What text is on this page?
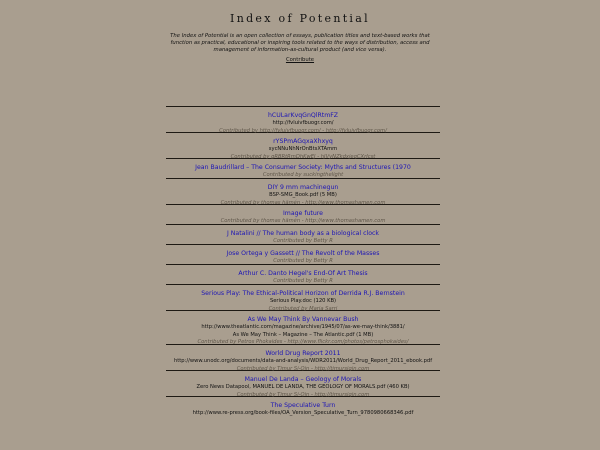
Index of Potential

The Index of Potential is an open collection of essays, publication titles and text-based works that function as practical, educational or inspiring tools related to the ways of distribution, access and management of information-as-cultural product (and vice versa).

Contribute
hCULarKvqGnQlRtmFZ
http://fvluivfbuogr.com/
Contributed by http://fvluivfbuogr.com/ - http://fvluivfbuogr.com/
rYSPmAGqxaXhxyq
sycNNuNhNrOnBtsXTAmm
Contributed by gRBRtRmDhKwEJ - hJVyNZkdxjeqCXrIcst
Jean Baudrillard – The Consumer Society: Myths and Structures (1970
Contributed by suckingthelight
DIY 9 mm machinegun
BSP-SMG_Book.pdf (5 MB)
Contributed by thomas hämén - http://www.thomashamen.com
Image future
Contributed by thomas hämén - http://www.thomashamen.com
J Natalini // The human body as a biological clock
Contributed by Betty R
Jose Ortega y Gassett // The Revolt of the Masses
Contributed by Betty R
Arthur C. Danto Hegel's End-Of Art Thesis
Contributed by Betty R
Serious Play: The Ethical-Political Horizon of Derrida R.J. Bernstein
Serious Play.doc (120 KB)
Contributed by Maria Sarri
As We May Think By Vannevar Bush
http://www.theatlantic.com/magazine/archive/1945/07/as-we-may-think/3881/
As We May Think – Magazine – The Atlantic.pdf (1 MB)
Contributed by Petros Phokaides - http://www.flickr.com/photos/petrosphokaides/
World Drug Report 2011
http://www.unodc.org/documents/data-and-analysis/WDR2011/World_Drug_Report_2011_ebook.pdf
Contributed by Timur Si-Qin - http://timursiqin.com
Manuel De Landa – Geology of Morals
Zero News Datapool, MANUEL DE LANDA, THE GEOLOGY OF MORALS.pdf (460 KB)
Contributed by Timur Si-Qin - http://timursiqin.com
The Speculative Turn
http://www.re-press.org/book-files/OA_Version_Speculative_Turn_9780980668346.pdf
